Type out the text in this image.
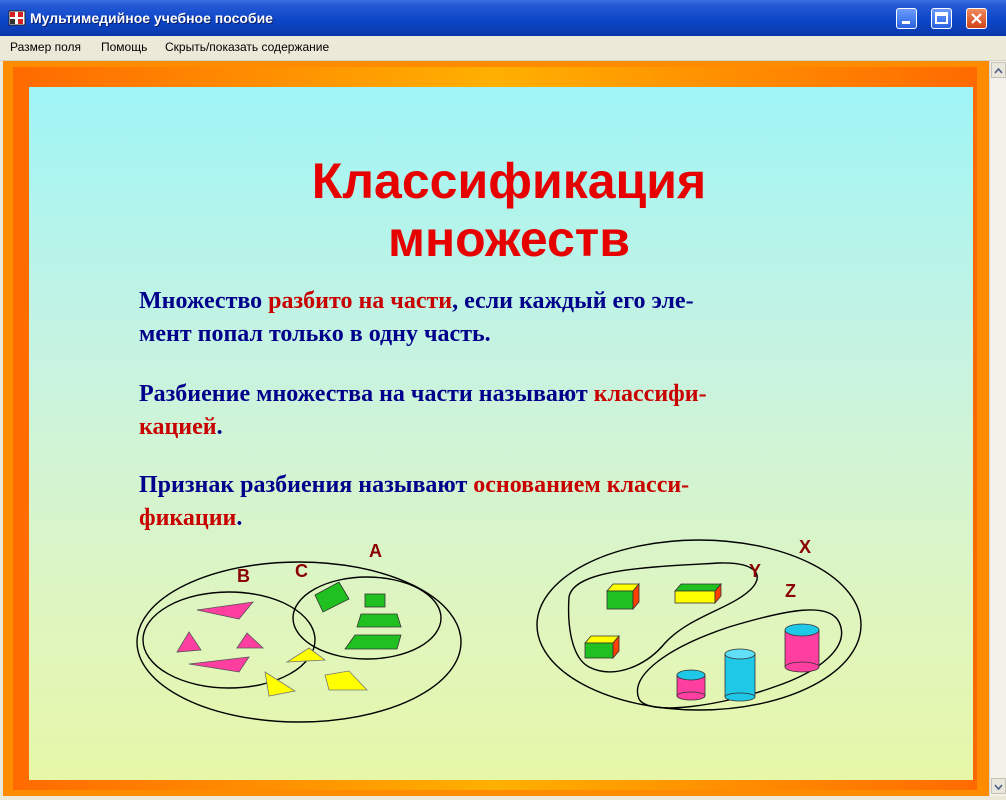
Мультимедийное учебное пособие
Размер поля Помощь Скрыть/показать содержание
Классификация
множеств

Множество разбито на части, если каждый его эле-
мент попал только в одну часть.

Разбиение множества на части называют классифи-
кацией.

Признак разбиения называют основанием класси-
фикации.

A
B	C
X
Y
Z
